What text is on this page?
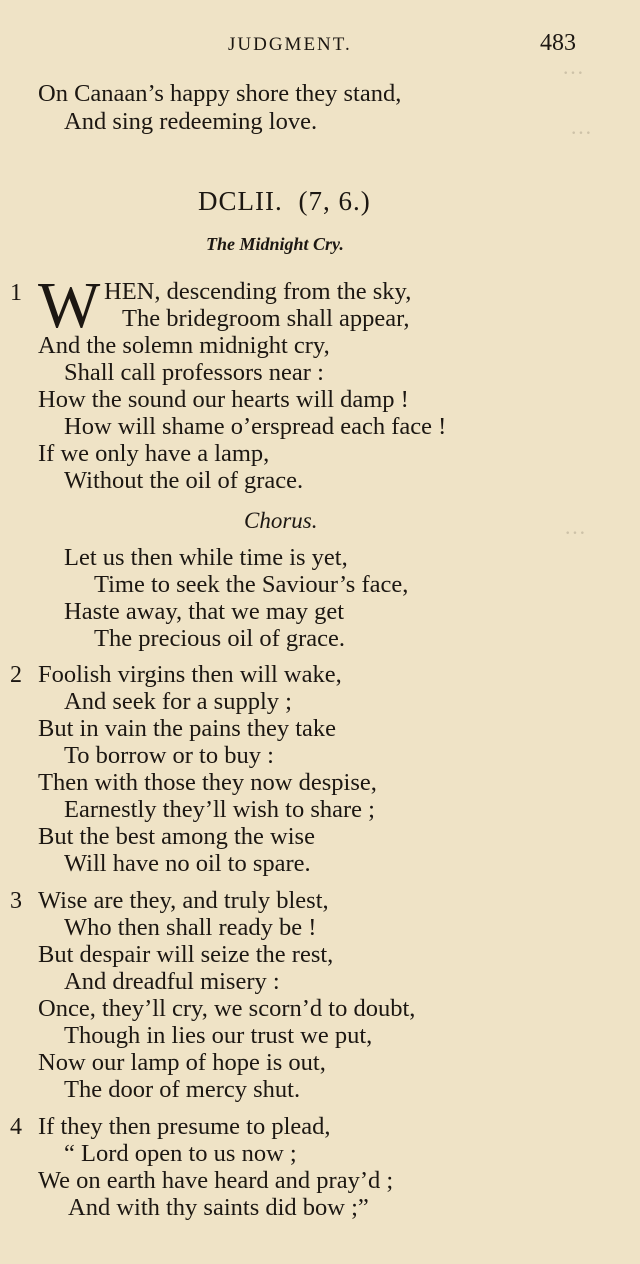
···
···
···
JUDGMENT.	483
On Canaan’s happy shore they stand,
And sing redeeming love.
DCLII. (7, 6.)
The Midnight Cry.
1 W HEN, descending from the sky,
The bridegroom shall appear,
And the solemn midnight cry,
Shall call professors near :
How the sound our hearts will damp !
How will shame o’erspread each face !
If we only have a lamp,
Without the oil of grace.
Chorus.
Let us then while time is yet,
Time to seek the Saviour’s face,
Haste away, that we may get
The precious oil of grace.
2 Foolish virgins then will wake,
And seek for a supply ;
But in vain the pains they take
To borrow or to buy :
Then with those they now despise,
Earnestly they’ll wish to share ;
But the best among the wise
Will have no oil to spare.
3 Wise are they, and truly blest,
Who then shall ready be !
But despair will seize the rest,
And dreadful misery :
Once, they’ll cry, we scorn’d to doubt,
Though in lies our trust we put,
Now our lamp of hope is out,
The door of mercy shut.
4 If they then presume to plead,
“ Lord open to us now ;
We on earth have heard and pray’d ;
And with thy saints did bow ;”
